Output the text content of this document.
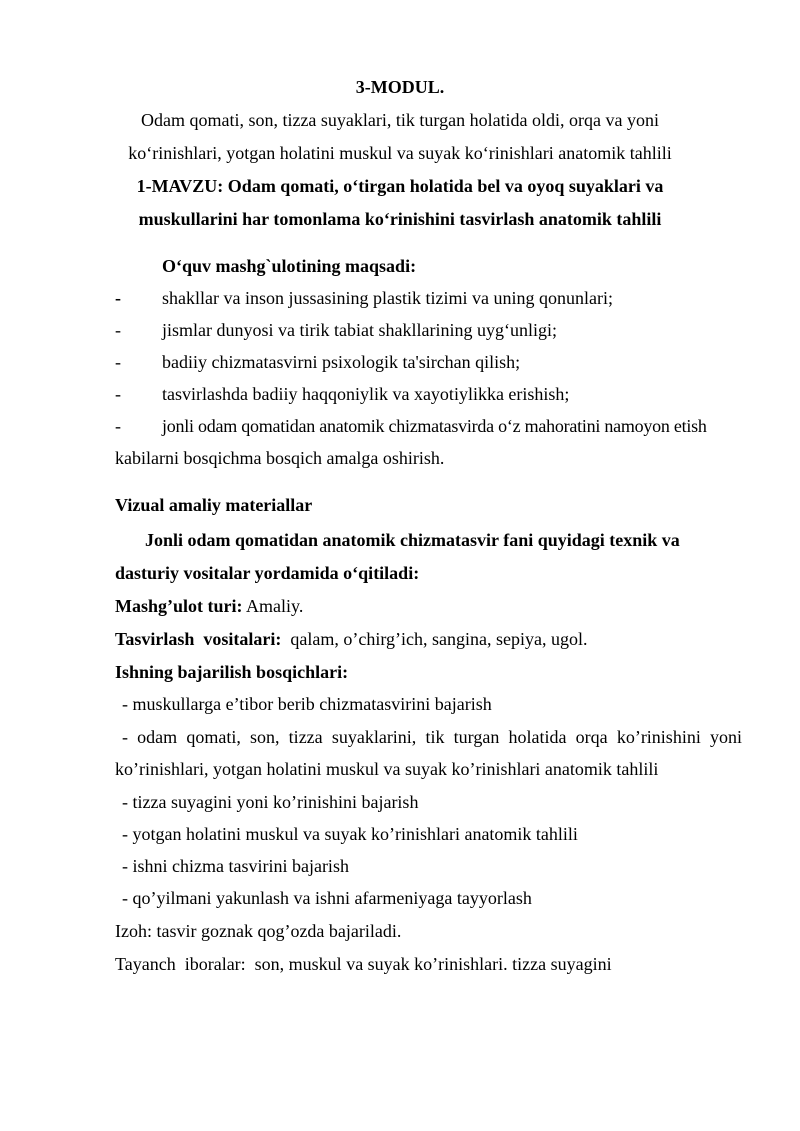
3-MODUL.
Odam qomati, son, tizza suyaklari, tik turgan holatida oldi, orqa va yoni
ko‘rinishlari, yotgan holatini muskul va suyak ko‘rinishlari anatomik tahlili
1-MAVZU: Odam qomati, o‘tirgan holatida bel va oyoq suyaklari va
muskullarini har tomonlama ko‘rinishini tasvirlash anatomik tahlili
O‘quv mashg`ulotining maqsadi:
- shakllar va inson jussasining plastik tizimi va uning qonunlari;
- jismlar dunyosi va tirik tabiat shakllarining uyg‘unligi;
- badiiy chizmatasvirni psixologik ta'sirchan qilish;
- tasvirlashda badiiy haqqoniylik va xayotiylikka erishish;
- jonli odam qomatidan anatomik chizmatasvirda o‘z mahoratini namoyon etish
kabilarni bosqichma bosqich amalga oshirish.
Vizual amaliy materiallar
Jonli odam qomatidan anatomik chizmatasvir fani quyidagi texnik va
dasturiy vositalar yordamida o‘qitiladi:
Mashg’ulot turi: Amaliy.
Tasvirlash  vositalari:  qalam, o’chirg’ich, sangina, sepiya, ugol.
Ishning bajarilish bosqichlari:
- muskullarga e’tibor berib chizmatasvirini bajarish
- odam qomati, son, tizza suyaklarini, tik turgan holatida orqa ko’rinishini yoni
ko’rinishlari, yotgan holatini muskul va suyak ko’rinishlari anatomik tahlili
- tizza suyagini yoni ko’rinishini bajarish
- yotgan holatini muskul va suyak ko’rinishlari anatomik tahlili
- ishni chizma tasvirini bajarish
- qo’yilmani yakunlash va ishni afarmeniyaga tayyorlash
Izoh: tasvir goznak qog’ozda bajariladi.
Tayanch  iboralar:  son, muskul va suyak ko’rinishlari. tizza suyagini
